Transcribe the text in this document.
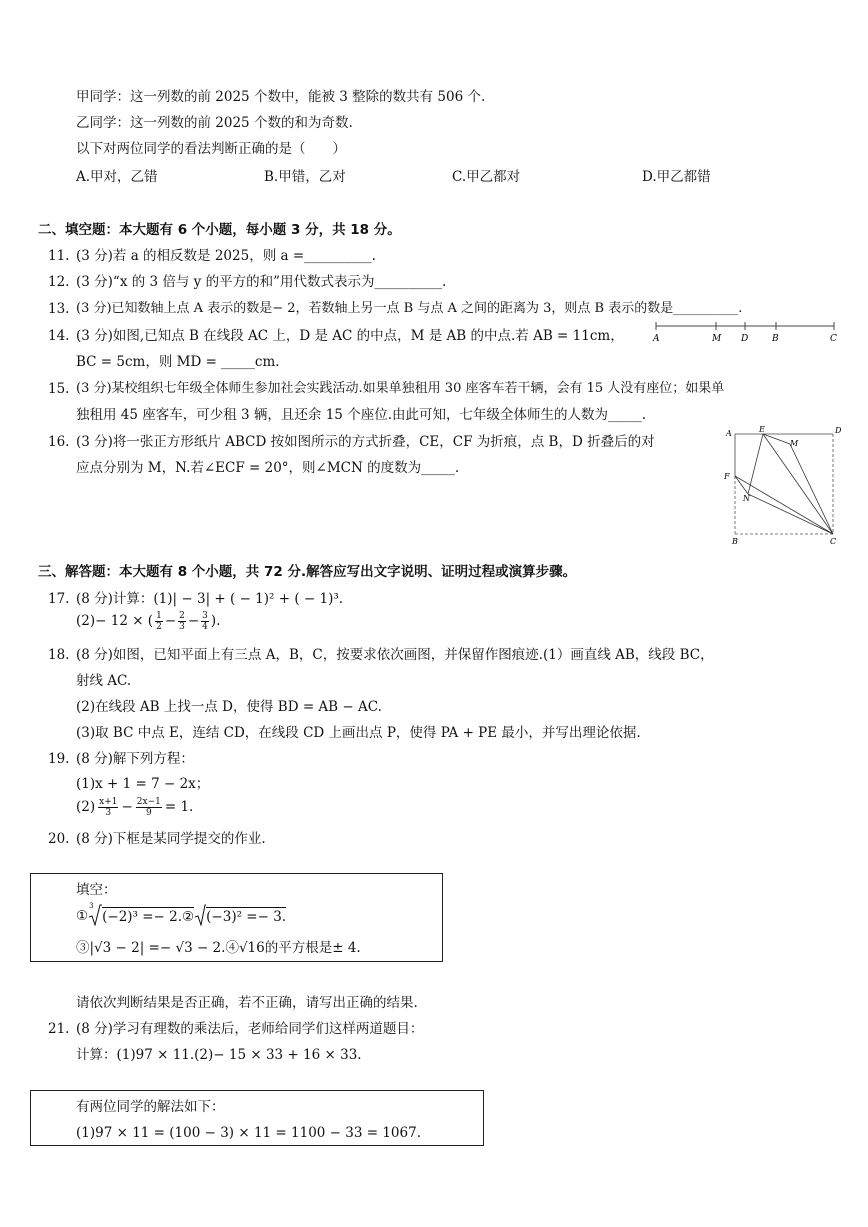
甲同学：这一列数的前 2025 个数中，能被 3 整除的数共有 506 个.
乙同学：这一列数的前 2025 个数的和为奇数.
以下对两位同学的看法判断正确的是（　　）
A.甲对，乙错	B.甲错，乙对	C.甲乙都对	D.甲乙都错
二、填空题：本大题有 6 个小题，每小题 3 分，共 18 分。
11. (3 分)若 a 的相反数是 2025，则 a =__________.
12. (3 分)“x 的 3 倍与 y 的平方的和”用代数式表示为__________.
13. (3 分)已知数轴上点 A 表示的数是− 2，若数轴上另一点 B 与点 A 之间的距离为 3，则点 B 表示的数是__________.
14. (3 分)如图,已知点 B 在线段 AC 上，D 是 AC 的中点，M 是 AB 的中点.若 AB = 11cm，
BC = 5cm，则 MD = _____cm.
A	M D	B	C
15. (3 分)某校组织七年级全体师生参加社会实践活动.如果单独租用 30 座客车若干辆，会有 15 人没有座位；如果单
独租用 45 座客车，可少租 3 辆，且还余 15 个座位.由此可知，七年级全体师生的人数为_____.
16. (3 分)将一张正方形纸片 ABCD 按如图所示的方式折叠，CE，CF 为折痕，点 B，D 折叠后的对
应点分别为 M，N.若∠ECF = 20°，则∠MCN 的度数为_____.
A	E	D
M
F
N
B	C
三、解答题：本大题有 8 个小题，共 72 分.解答应写出文字说明、证明过程或演算步骤。
17. (8 分)计算：(1)| − 3| + ( − 1)² + ( − 1)³.
(2)− 12 × ( 1
$2 - \frac{2}{3} - \frac{3}{4}$ ).
18. (8 分)如图，已知平面上有三点 A，B，C，按要求依次画图，并保留作图痕迹.(1）画直线 AB，线段 BC，
射线 AC.
(2)在线段 AB 上找一点 D，使得 BD = AB − AC.
(3)取 BC 中点 E，连结 CD，在线段 CD 上画出点 P，使得 PA + PE 最小，并写出理论依据.
19. (8 分)解下列方程：
(1)x + 1 = 7 − 2x；
(2) x+1
$3 - \frac{2x-1}{9} = 1$.
20. (8 分)下框是某同学提交的作业.
填空：
①
3
(−2)³ =− 2.② (−3)² =− 3.
③|√3 − 2| =− √3 − 2.④√16的平方根是± 4.
请依次判断结果是否正确，若不正确，请写出正确的结果.
21. (8 分)学习有理数的乘法后，老师给同学们这样两道题目：
计算：(1)97 × 11.(2)− 15 × 33 + 16 × 33.
有两位同学的解法如下：
(1)97 × 11 = (100 − 3) × 11 = 1100 − 33 = 1067.
